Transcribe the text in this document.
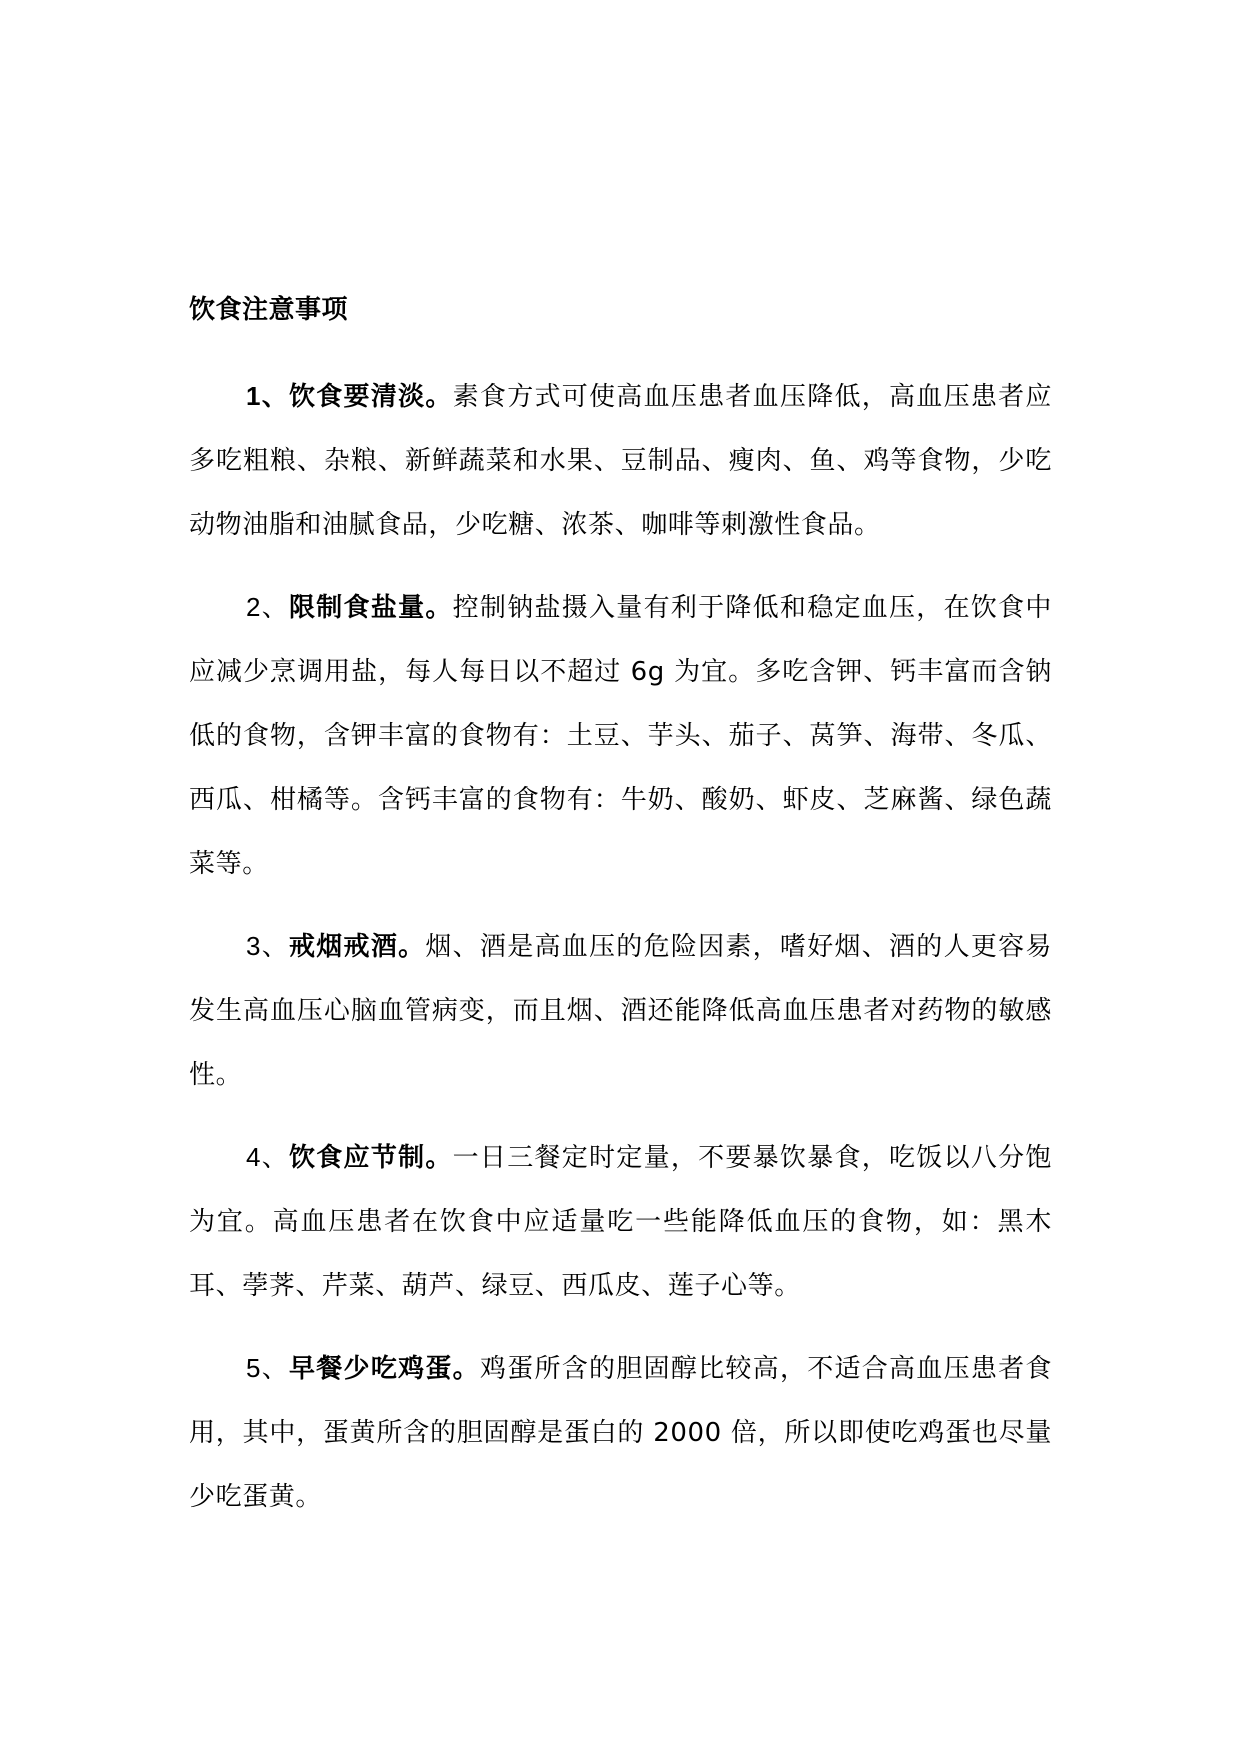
饮食注意事项

1、饮食要清淡。素食方式可使高血压患者血压降低，高血压患者应多吃粗粮、杂粮、新鲜蔬菜和水果、豆制品、瘦肉、鱼、鸡等食物，少吃动物油脂和油腻食品，少吃糖、浓茶、咖啡等刺激性食品。

2、限制食盐量。控制钠盐摄入量有利于降低和稳定血压，在饮食中应减少烹调用盐，每人每日以不超过 6g 为宜。多吃含钾、钙丰富而含钠低的食物，含钾丰富的食物有：土豆、芋头、茄子、莴笋、海带、冬瓜、西瓜、柑橘等。含钙丰富的食物有：牛奶、酸奶、虾皮、芝麻酱、绿色蔬菜等。

3、戒烟戒酒。烟、酒是高血压的危险因素，嗜好烟、酒的人更容易发生高血压心脑血管病变，而且烟、酒还能降低高血压患者对药物的敏感性。

4、饮食应节制。一日三餐定时定量，不要暴饮暴食，吃饭以八分饱为宜。高血压患者在饮食中应适量吃一些能降低血压的食物，如：黑木耳、荸荠、芹菜、葫芦、绿豆、西瓜皮、莲子心等。

5、早餐少吃鸡蛋。鸡蛋所含的胆固醇比较高，不适合高血压患者食用，其中，蛋黄所含的胆固醇是蛋白的 2000 倍，所以即使吃鸡蛋也尽量少吃蛋黄。
